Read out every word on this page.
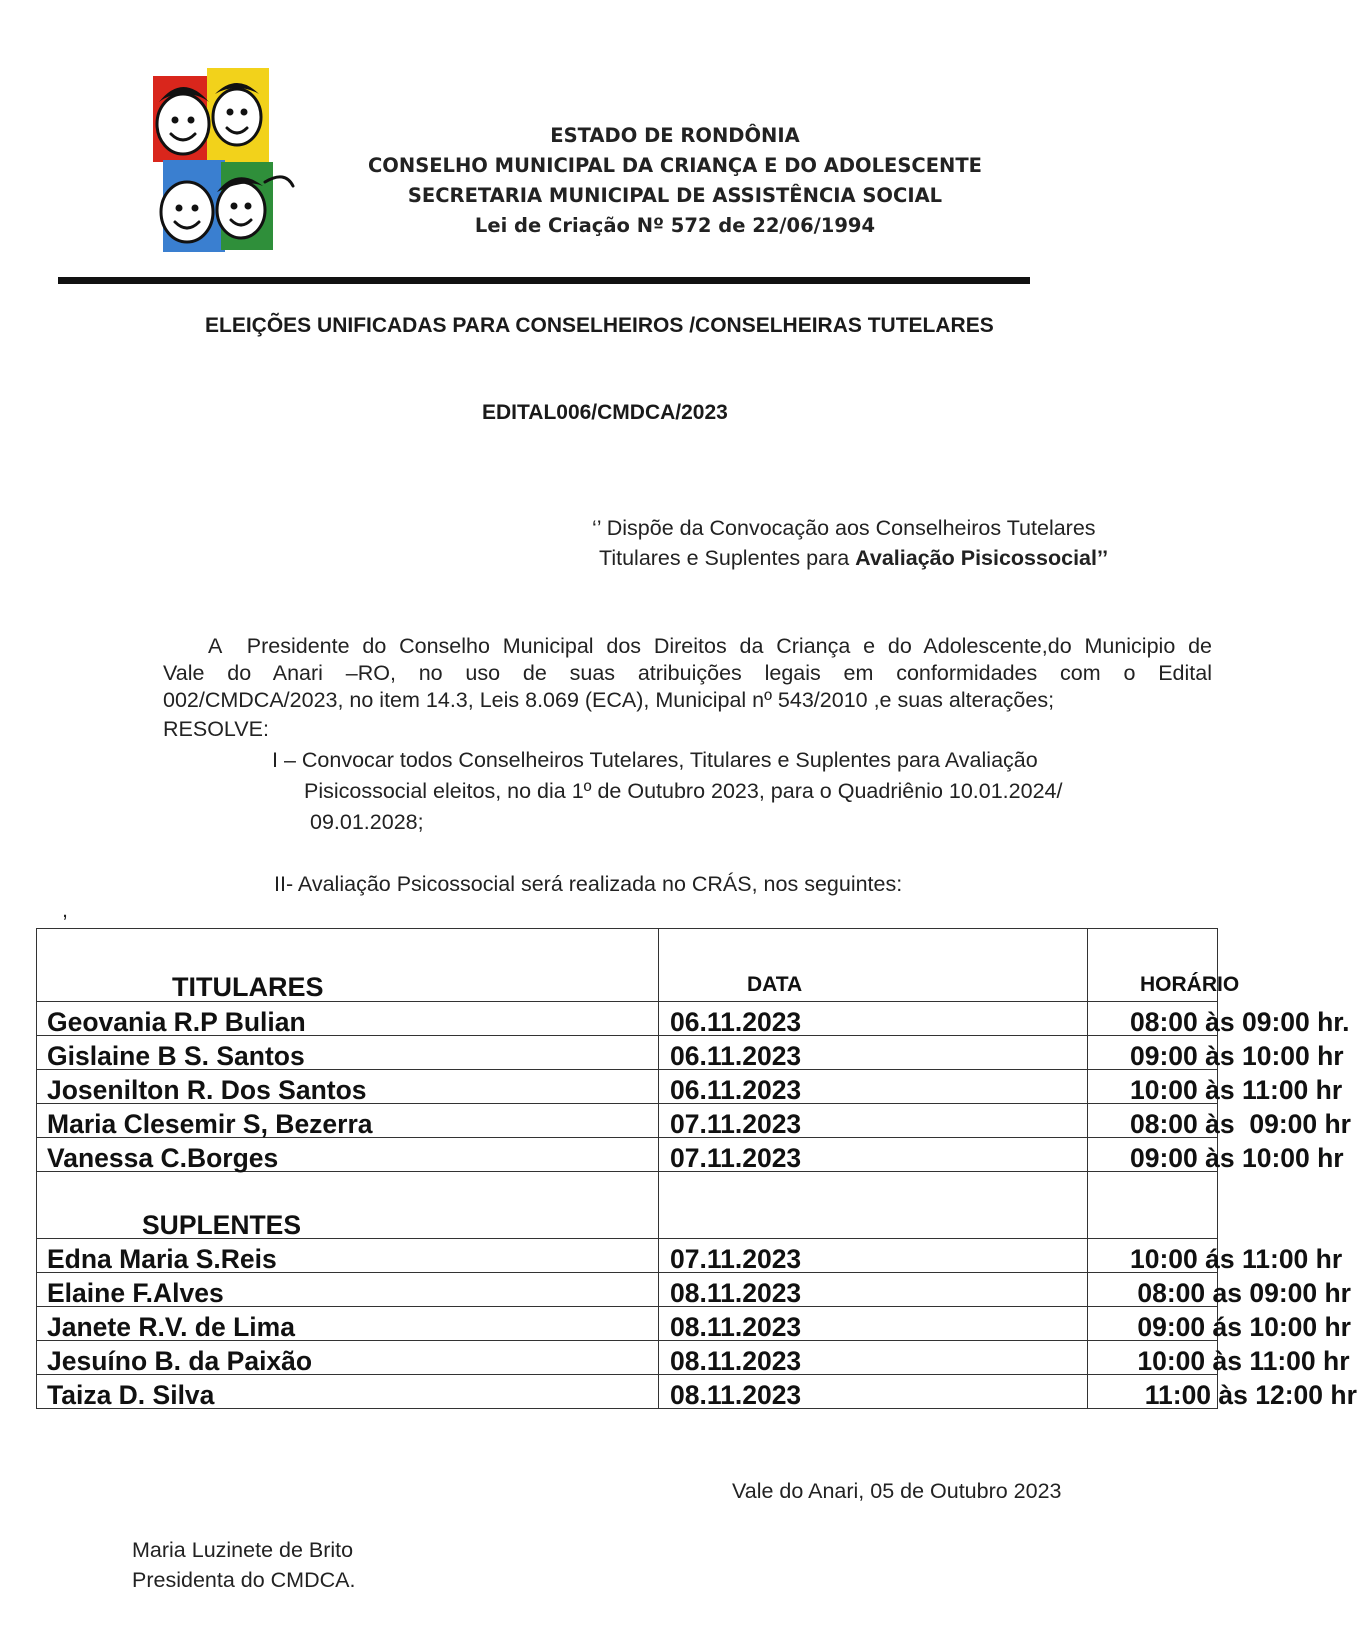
ESTADO DE RONDÔNIA
CONSELHO MUNICIPAL DA CRIANÇA E DO ADOLESCENTE
SECRETARIA MUNICIPAL DE ASSISTÊNCIA SOCIAL
Lei de Criação Nº 572 de 22/06/1994
ELEIÇÕES UNIFICADAS PARA CONSELHEIROS /CONSELHEIRAS TUTELARES
EDITAL006/CMDCA/2023
‘’ Dispõe da Convocação aos Conselheiros Tutelares
Titulares e Suplentes para Avaliação Pisicossocial’’
A  Presidente do Conselho Municipal dos Direitos da Criança e do Adolescente,do Municipio de
Vale do Anari –RO, no uso de suas atribuições legais em conformidades com o Edital
002/CMDCA/2023, no item 14.3, Leis 8.069 (ECA), Municipal nº 543/2010 ,e suas alterações;
RESOLVE:
I – Convocar todos Conselheiros Tutelares, Titulares e Suplentes para Avaliação
Pisicossocial eleitos, no dia 1º de Outubro 2023, para o Quadriênio 10.01.2024/
09.01.2028;
II- Avaliação Psicossocial será realizada no CRÁS, nos seguintes:
,
TITULARES	DATA	HORÁRIO
Geovania R.P Bulian	06.11.2023	08:00 às 09:00 hr.
Gislaine B S. Santos	06.11.2023	09:00 às 10:00 hr
Josenilton R. Dos Santos	06.11.2023	10:00 às 11:00 hr
Maria Clesemir S, Bezerra	07.11.2023	08:00 às  09:00 hr
Vanessa C.Borges	07.11.2023	09:00 às 10:00 hr
SUPLENTES		
Edna Maria S.Reis	07.11.2023	10:00 ás 11:00 hr
Elaine F.Alves	08.11.2023	08:00 as 09:00 hr
Janete R.V. de Lima	08.11.2023	09:00 ás 10:00 hr
Jesuíno B. da Paixão	08.11.2023	10:00 às 11:00 hr
Taiza D. Silva	08.11.2023	11:00 às 12:00 hr
Vale do Anari, 05 de Outubro 2023
Maria Luzinete de Brito
Presidenta do CMDCA.
